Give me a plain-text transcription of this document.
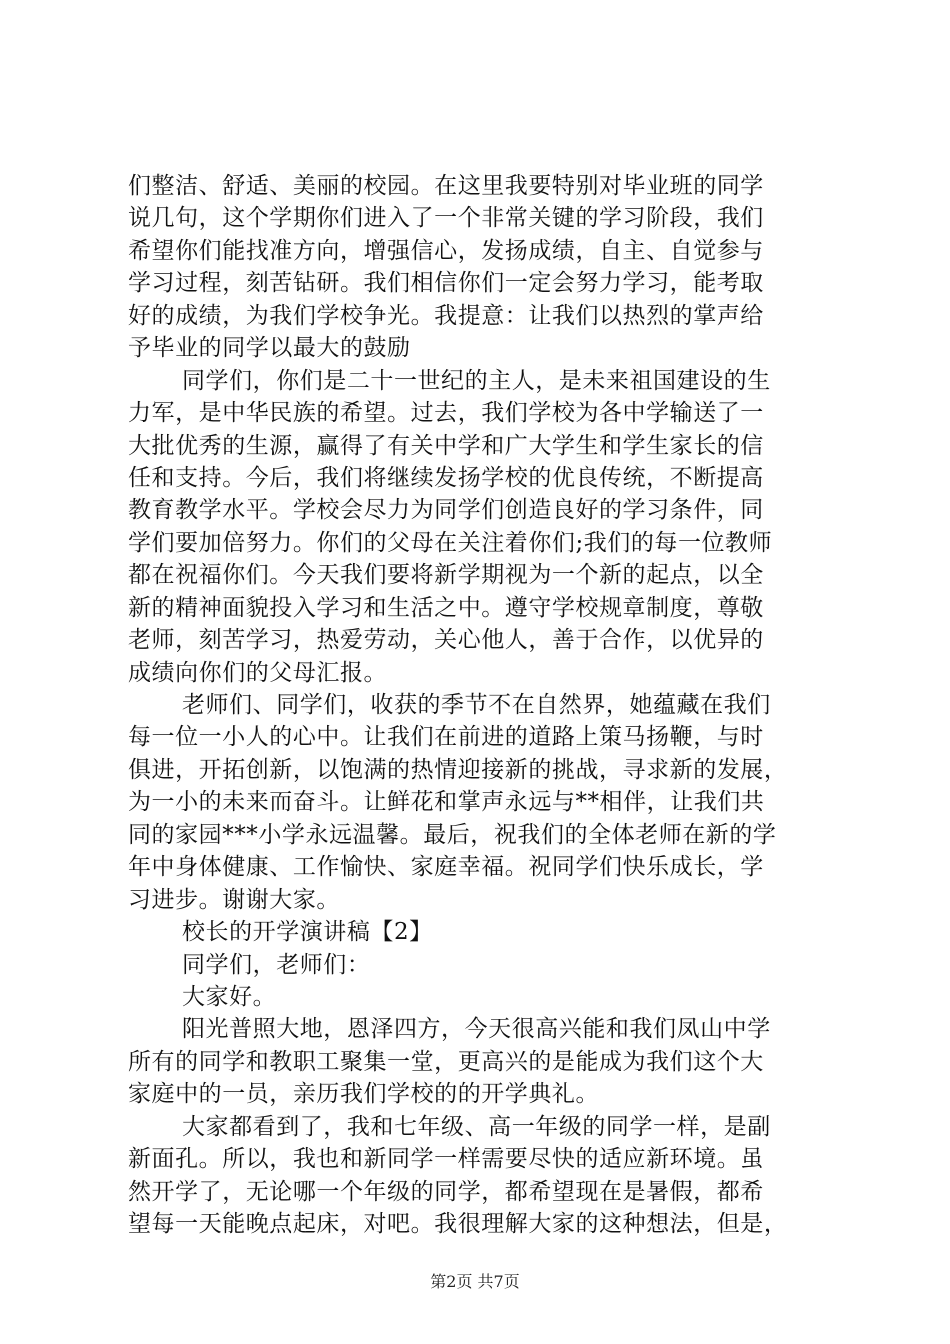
们整洁、舒适、美丽的校园。在这里我要特别对毕业班的同学
说几句，这个学期你们进入了一个非常关键的学习阶段，我们
希望你们能找准方向，增强信心，发扬成绩，自主、自觉参与
学习过程，刻苦钻研。我们相信你们一定会努力学习，能考取
好的成绩，为我们学校争光。我提意：让我们以热烈的掌声给
予毕业的同学以最大的鼓励
同学们，你们是二十一世纪的主人，是未来祖国建设的生
力军，是中华民族的希望。过去，我们学校为各中学输送了一
大批优秀的生源，赢得了有关中学和广大学生和学生家长的信
任和支持。今后，我们将继续发扬学校的优良传统，不断提高
教育教学水平。学校会尽力为同学们创造良好的学习条件，同
学们要加倍努力。你们的父母在关注着你们;我们的每一位教师
都在祝福你们。今天我们要将新学期视为一个新的起点，以全
新的精神面貌投入学习和生活之中。遵守学校规章制度，尊敬
老师，刻苦学习，热爱劳动，关心他人，善于合作，以优异的
成绩向你们的父母汇报。
老师们、同学们，收获的季节不在自然界，她蕴藏在我们
每一位一小人的心中。让我们在前进的道路上策马扬鞭，与时
俱进，开拓创新，以饱满的热情迎接新的挑战，寻求新的发展，
为一小的未来而奋斗。让鲜花和掌声永远与**相伴，让我们共
同的家园***小学永远温馨。最后，祝我们的全体老师在新的学
年中身体健康、工作愉快、家庭幸福。祝同学们快乐成长，学
习进步。谢谢大家。
校长的开学演讲稿【2】
同学们，老师们：
大家好。
阳光普照大地，恩泽四方，今天很高兴能和我们凤山中学
所有的同学和教职工聚集一堂，更高兴的是能成为我们这个大
家庭中的一员，亲历我们学校的的开学典礼。
大家都看到了，我和七年级、高一年级的同学一样，是副
新面孔。所以，我也和新同学一样需要尽快的适应新环境。虽
然开学了，无论哪一个年级的同学，都希望现在是暑假，都希
望每一天能晚点起床，对吧。我很理解大家的这种想法，但是，
第2页 共7页
